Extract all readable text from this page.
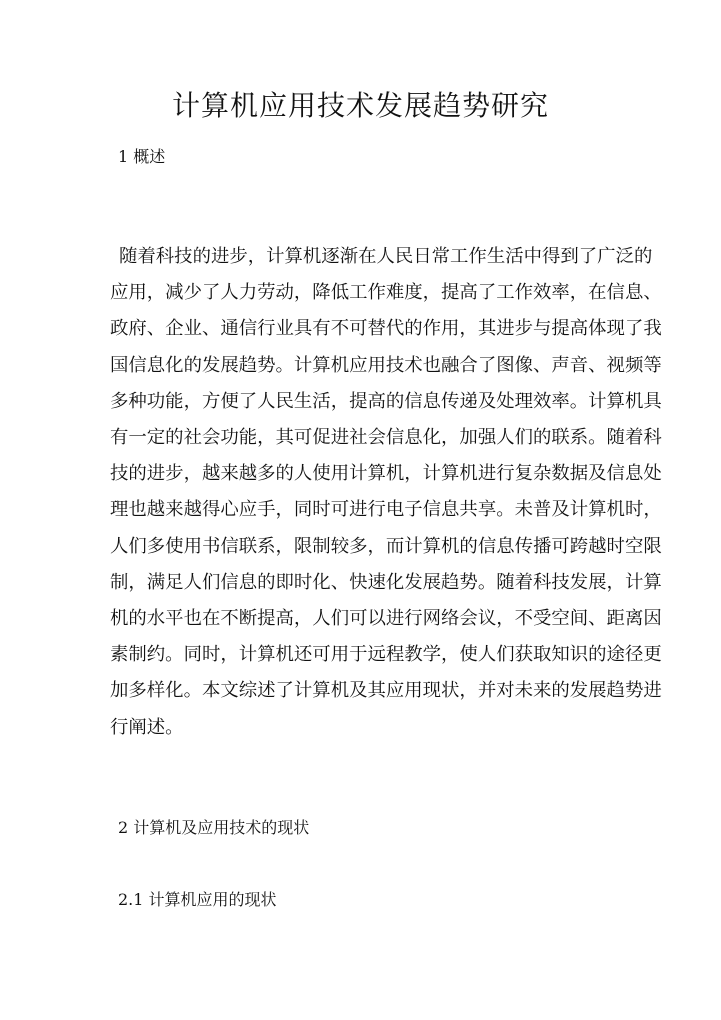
计算机应用技术发展趋势研究
1 概述
随着科技的进步，计算机逐渐在人民日常工作生活中得到了广泛的
应用，减少了人力劳动，降低工作难度，提高了工作效率，在信息、
政府、企业、通信行业具有不可替代的作用，其进步与提高体现了我
国信息化的发展趋势。计算机应用技术也融合了图像、声音、视频等
多种功能，方便了人民生活，提高的信息传递及处理效率。计算机具
有一定的社会功能，其可促进社会信息化，加强人们的联系。随着科
技的进步，越来越多的人使用计算机，计算机进行复杂数据及信息处
理也越来越得心应手，同时可进行电子信息共享。未普及计算机时，
人们多使用书信联系，限制较多，而计算机的信息传播可跨越时空限
制，满足人们信息的即时化、快速化发展趋势。随着科技发展，计算
机的水平也在不断提高，人们可以进行网络会议，不受空间、距离因
素制约。同时，计算机还可用于远程教学，使人们获取知识的途径更
加多样化。本文综述了计算机及其应用现状，并对未来的发展趋势进
行阐述。
2 计算机及应用技术的现状
2.1 计算机应用的现状
